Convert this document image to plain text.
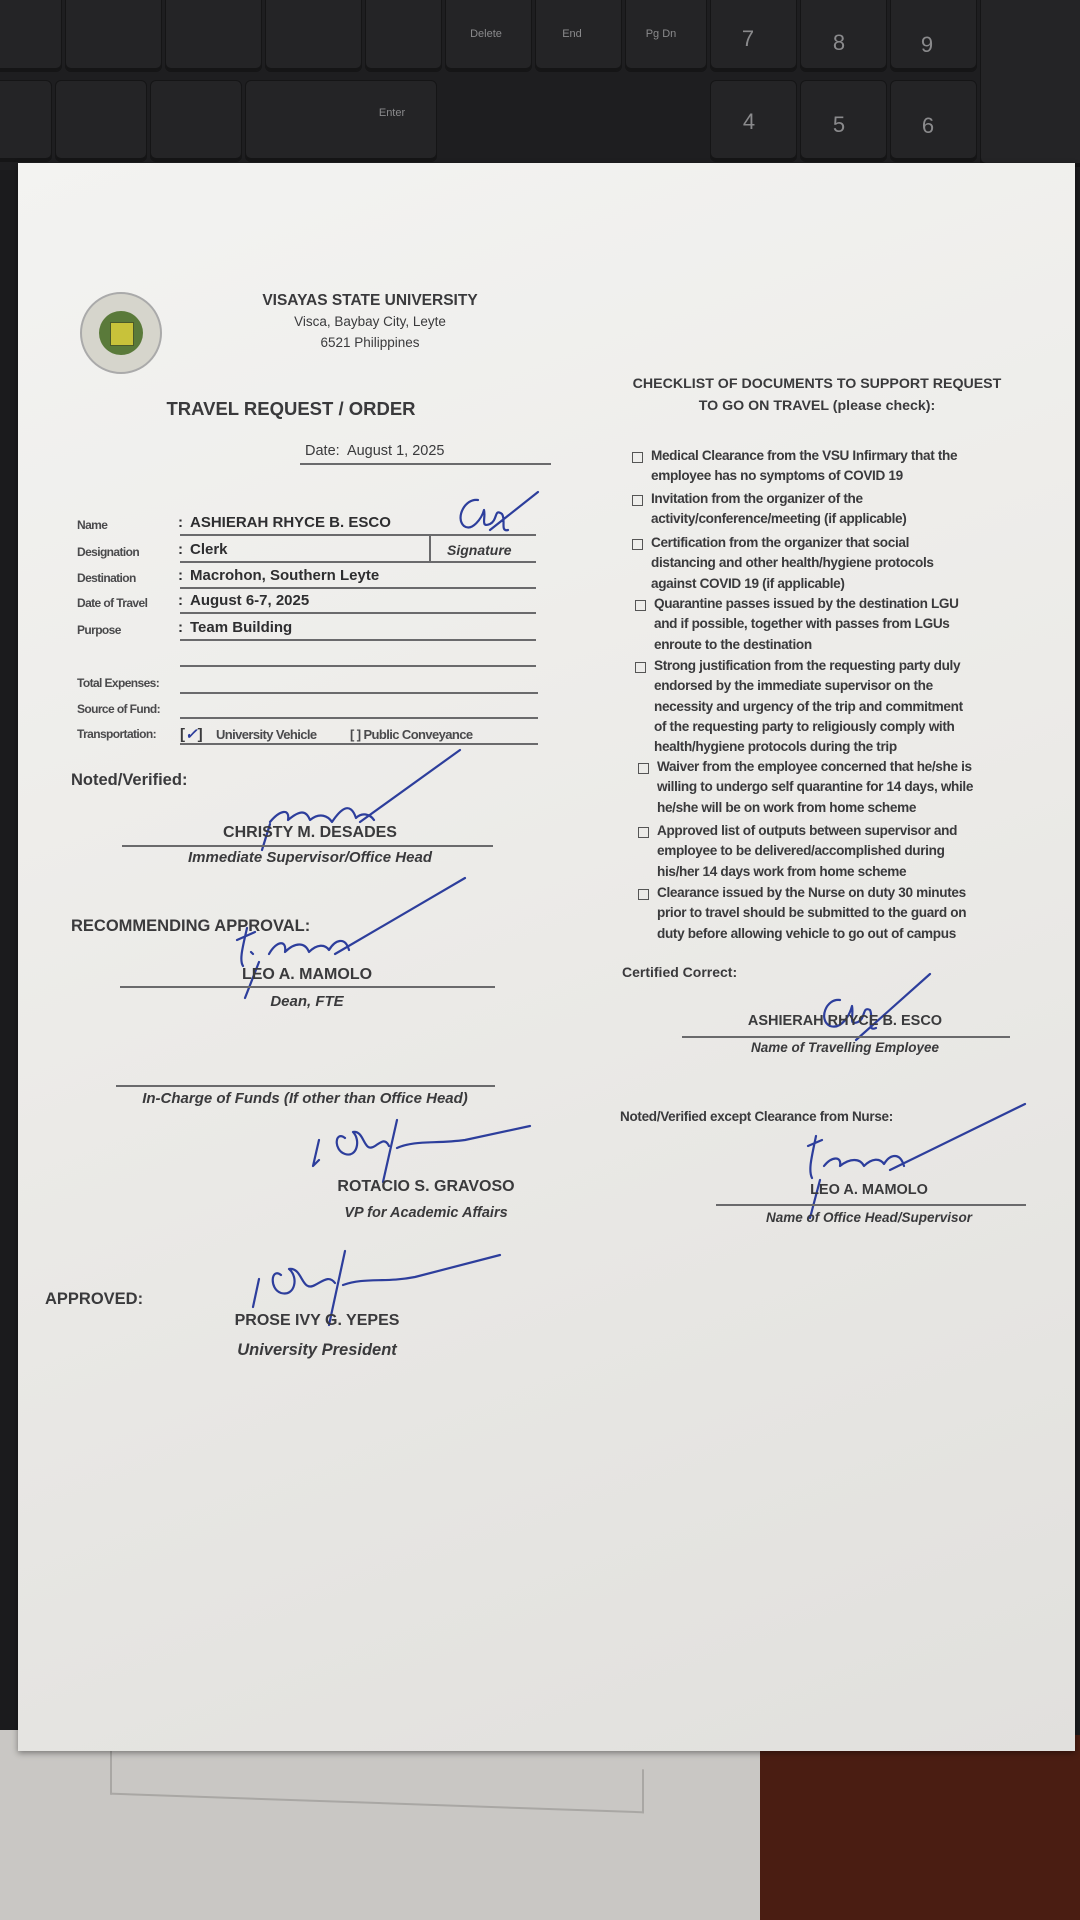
Delete	End	Pg Dn	7	8	9
Enter	4	5	6
VISAYAS STATE UNIVERSITY
Visca, Baybay City, Leyte
6521 Philippines
TRAVEL REQUEST / ORDER
Date: August 1, 2025
Name	: ASHIERAH RHYCE B. ESCO
Designation	: Clerk	Signature
Destination	: Macrohon, Southern Leyte
Date of Travel : August 6-7, 2025
Purpose	: Team Building
Total Expenses:
Source of Fund:
Transportation: [✓] University Vehicle	[ ] Public Conveyance
Noted/Verified:
CHRISTY M. DESADES
Immediate Supervisor/Office Head
RECOMMENDING APPROVAL:
LEO A. MAMOLO
Dean, FTE
In-Charge of Funds (If other than Office Head)
ROTACIO S. GRAVOSO
VP for Academic Affairs
APPROVED:
PROSE IVY G. YEPES
University President
CHECKLIST OF DOCUMENTS TO SUPPORT REQUEST
TO GO ON TRAVEL (please check):
Medical Clearance from the VSU Infirmary that the
employee has no symptoms of COVID 19
Invitation from the organizer of the
activity/conference/meeting (if applicable)
Certification from the organizer that social
distancing and other health/hygiene protocols
against COVID 19 (if applicable)
Quarantine passes issued by the destination LGU
and if possible, together with passes from LGUs
enroute to the destination
Strong justification from the requesting party duly
endorsed by the immediate supervisor on the
necessity and urgency of the trip and commitment
of the requesting party to religiously comply with
health/hygiene protocols during the trip
Waiver from the employee concerned that he/she is
willing to undergo self quarantine for 14 days, while
he/she will be on work from home scheme
Approved list of outputs between supervisor and
employee to be delivered/accomplished during
his/her 14 days work from home scheme
Clearance issued by the Nurse on duty 30 minutes
prior to travel should be submitted to the guard on
duty before allowing vehicle to go out of campus
Certified Correct:
ASHIERAH RHYCE B. ESCO
Name of Travelling Employee
Noted/Verified except Clearance from Nurse:
LEO A. MAMOLO
Name of Office Head/Supervisor
